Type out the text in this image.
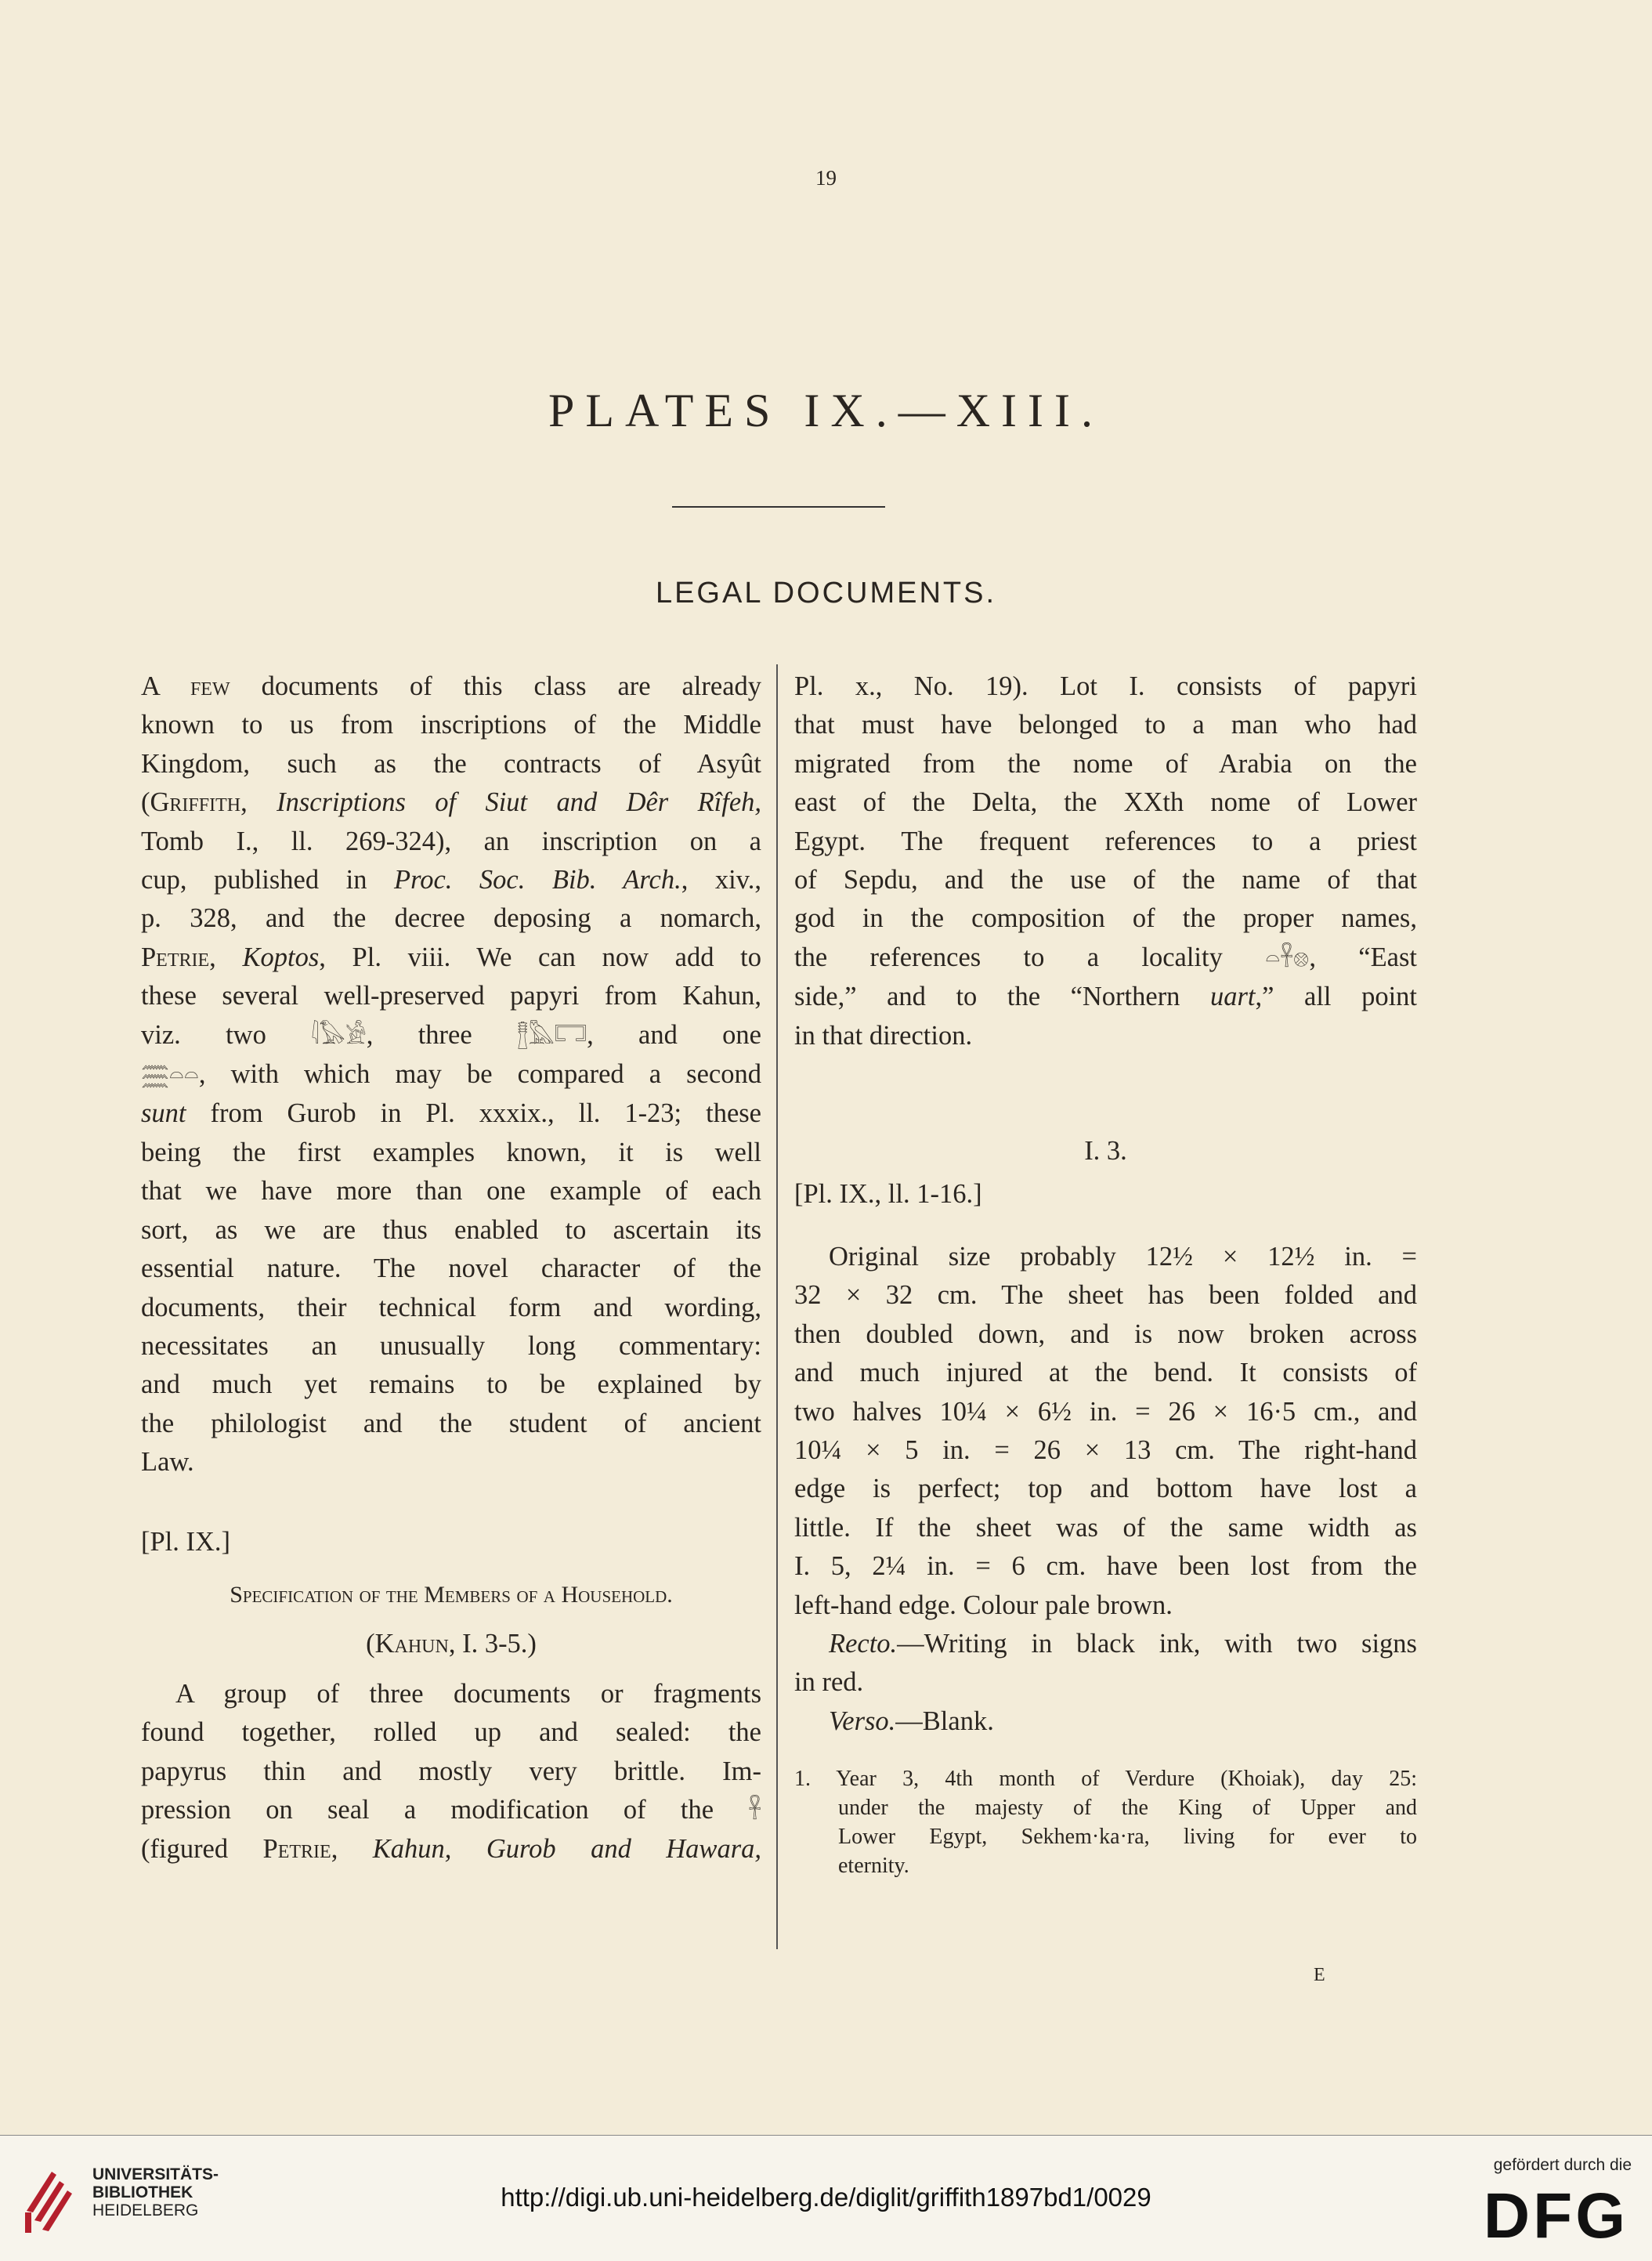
19
PLATES IX.—XIII.
LEGAL DOCUMENTS.
A few documents of this class are already
known to us from inscriptions of the Middle
Kingdom, such as the contracts of Asyût
(Griffith, Inscriptions of Siut and Dêr Rîfeh,
Tomb I., ll. 269-324), an inscription on a
cup, published in Proc. Soc. Bib. Arch., xiv.,
p. 328, and the decree deposing a nomarch,
Petrie, Koptos, Pl. viii. We can now add to
these several well-preserved papyri from Kahun,
viz. two 𓇋𓅃𓀀, three 𓊽𓅓𓉐, and one
𓈗𓏏𓏏, with which may be compared a second
sunt from Gurob in Pl. xxxix., ll. 1-23; these
being the first examples known, it is well
that we have more than one example of each
sort, as we are thus enabled to ascertain its
essential nature. The novel character of the
documents, their technical form and wording,
necessitates an unusually long commentary:
and much yet remains to be explained by
the philologist and the student of ancient
Law.
[Pl. IX.]
Specification of the Members of a Household.
(Kahun, I. 3-5.)
A group of three documents or fragments
found together, rolled up and sealed: the
papyrus thin and mostly very brittle. Im-
pression on seal a modification of the 𓋹
(figured Petrie, Kahun, Gurob and Hawara,
Pl. x., No. 19). Lot I. consists of papyri
that must have belonged to a man who had
migrated from the nome of Arabia on the
east of the Delta, the XXth nome of Lower
Egypt. The frequent references to a priest
of Sepdu, and the use of the name of that
god in the composition of the proper names,
the references to a locality 𓏏𓋹𓊖, “East
side,” and to the “Northern uart,” all point
in that direction.
I. 3.
[Pl. IX., ll. 1-16.]
Original size probably 12½ × 12½ in. =
32 × 32 cm. The sheet has been folded and
then doubled down, and is now broken across
and much injured at the bend. It consists of
two halves 10¼ × 6½ in. = 26 × 16·5 cm., and
10¼ × 5 in. = 26 × 13 cm. The right-hand
edge is perfect; top and bottom have lost a
little. If the sheet was of the same width as
I. 5, 2¼ in. = 6 cm. have been lost from the
left-hand edge. Colour pale brown.
Recto.—Writing in black ink, with two signs
in red.
Verso.—Blank.
1. Year 3, 4th month of Verdure (Khoiak), day 25:
under the majesty of the King of Upper and
Lower Egypt, Sekhem·ka·ra, living for ever to
eternity.
E
UNIVERSITÄTS-
BIBLIOTHEK
HEIDELBERG	http://digi.ub.uni-heidelberg.de/diglit/griffith1897bd1/0029
gefördert durch die
DFG
